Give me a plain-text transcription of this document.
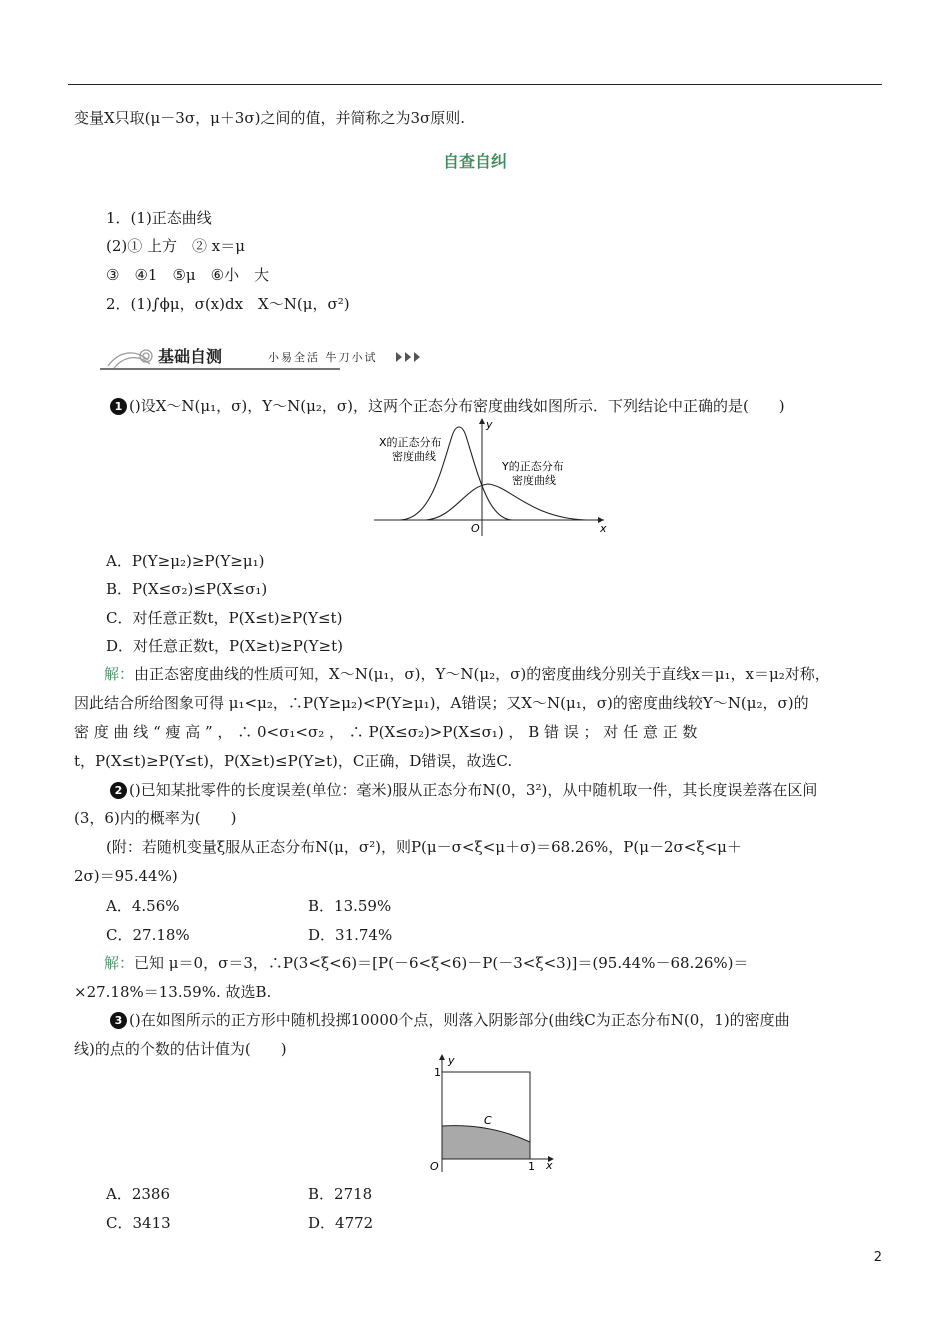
变量X只取(μ－3σ，μ＋3σ)之间的值，并简称之为3σ原则.
自查自纠
1．(1)正态曲线
(2)① 上方　② x＝μ
③　④1　⑤μ　⑥小　大
2．(1)∫ϕμ，σ(x)dx　X～N(μ，σ²)
基础自测	小易全活 牛刀小试
1 ()设X～N(μ₁，σ)，Y～N(μ₂，σ)，这两个正态分布密度曲线如图所示．下列结论中正确的是(　　)
X的正态分布
密度曲线
Y的正态分布
密度曲线
O	x
y
A．P(Y≥μ₂)≥P(Y≥μ₁)
B．P(X≤σ₂)≤P(X≤σ₁)
C．对任意正数t，P(X≤t)≥P(Y≤t)
D．对任意正数t，P(X≥t)≥P(Y≥t)
解：由正态密度曲线的性质可知，X～N(μ₁，σ)，Y～N(μ₂，σ)的密度曲线分别关于直线x＝μ₁，x＝μ₂对称，
因此结合所给图象可得 μ₁<μ₂，∴P(Y≥μ₂)<P(Y≥μ₁)，A错误；又X～N(μ₁，σ)的密度曲线较Y～N(μ₂，σ)的
密 度 曲 线 “ 瘦 高 ” ， ∴ 0<σ₁<σ₂ ， ∴ P(X≤σ₂)>P(X≤σ₁) ， B 错 误 ； 对 任 意 正 数
t，P(X≤t)≥P(Y≤t)，P(X≥t)≤P(Y≥t)，C正确，D错误，故选C.
2 ()已知某批零件的长度误差(单位：毫米)服从正态分布N(0，3²)，从中随机取一件，其长度误差落在区间
(3，6)内的概率为(　　)
(附：若随机变量ξ服从正态分布N(μ，σ²)，则P(μ－σ<ξ<μ＋σ)＝68.26%，P(μ－2σ<ξ<μ＋
2σ)＝95.44%)
A．4.56%	B．13.59%
C．27.18%	D．31.74%
解：已知 μ＝0，σ＝3，∴P(3<ξ<6)＝[P(－6<ξ<6)－P(－3<ξ<3)]＝(95.44%－68.26%)＝
×27.18%＝13.59%. 故选B.
3 ()在如图所示的正方形中随机投掷10000个点，则落入阴影部分(曲线C为正态分布N(0，1)的密度曲
线)的点的个数的估计值为(　　)
y
1
O	1 x
C
A．2386	B．2718
C．3413	D．4772
2
